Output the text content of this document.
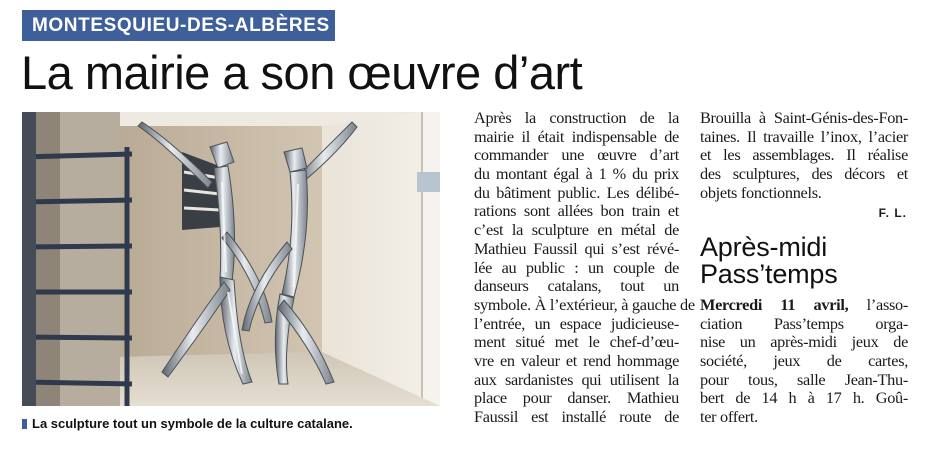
MONTESQUIEU-DES-ALBÈRES
La mairie a son œuvre d’art
La sculpture tout un symbole de la culture catalane.
Après la construction de la
mairie il était indispensable de
commander une œuvre d’art
du montant égal à 1 % du prix
du bâtiment public. Les délibé-
rations sont allées bon train et
c’est la sculpture en métal de
Mathieu Faussil qui s’est révé-
lée au public : un couple de
danseurs catalans, tout un
symbole. À l’extérieur, à gauche de
l’entrée, un espace judicieuse-
ment situé met le chef-d’œu-
vre en valeur et rend hommage
aux sardanistes qui utilisent la
place pour danser. Mathieu
Faussil est installé route de
Brouilla à Saint-Génis-des-Fon-
taines. Il travaille l’inox, l’acier
et les assemblages. Il réalise
des sculptures, des décors et
objets fonctionnels.
F. L.
Après-midi
Pass’temps
Mercredi 11 avril, l’asso-
ciation Pass’temps orga-
nise un après-midi jeux de
société, jeux de cartes,
pour tous, salle Jean-Thu-
bert de 14 h à 17 h. Goû-
ter offert.
